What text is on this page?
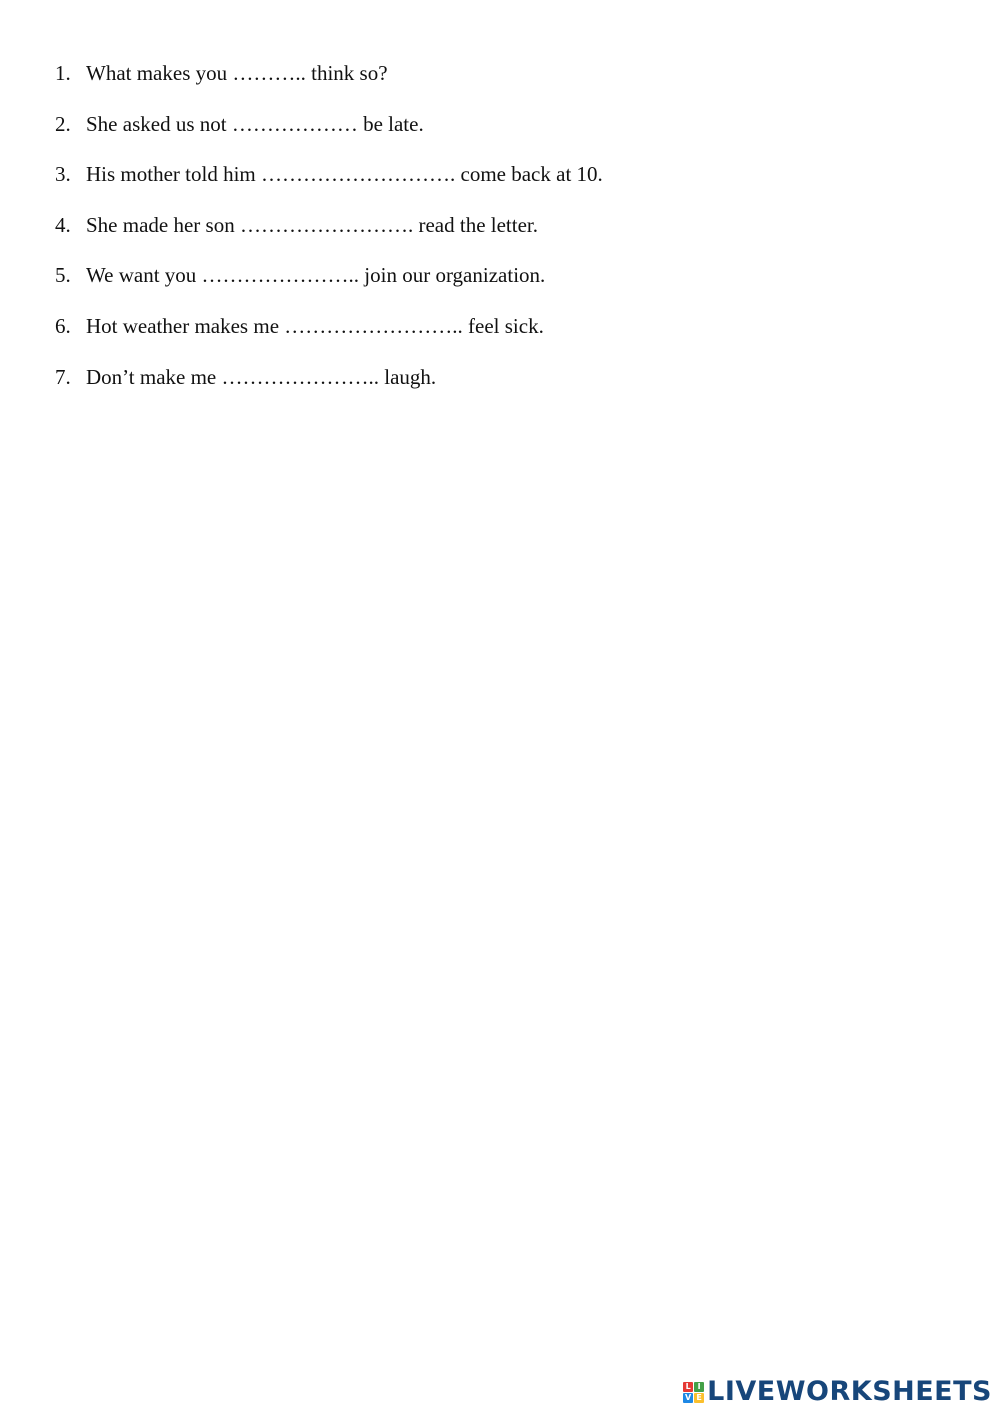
1. What makes you
………..
think so?
2. She asked us not
………………
be late.
3. His mother told him
……………………….
come back at 10.
4. She made her son
…………………….
read the letter.
5. We want you
…………………..
join our organization.
6. Hot weather makes me
……………………..
feel sick.
7. Don’t make me
…………………..
laugh.
L I
V E LIVEWORKSHEETS
